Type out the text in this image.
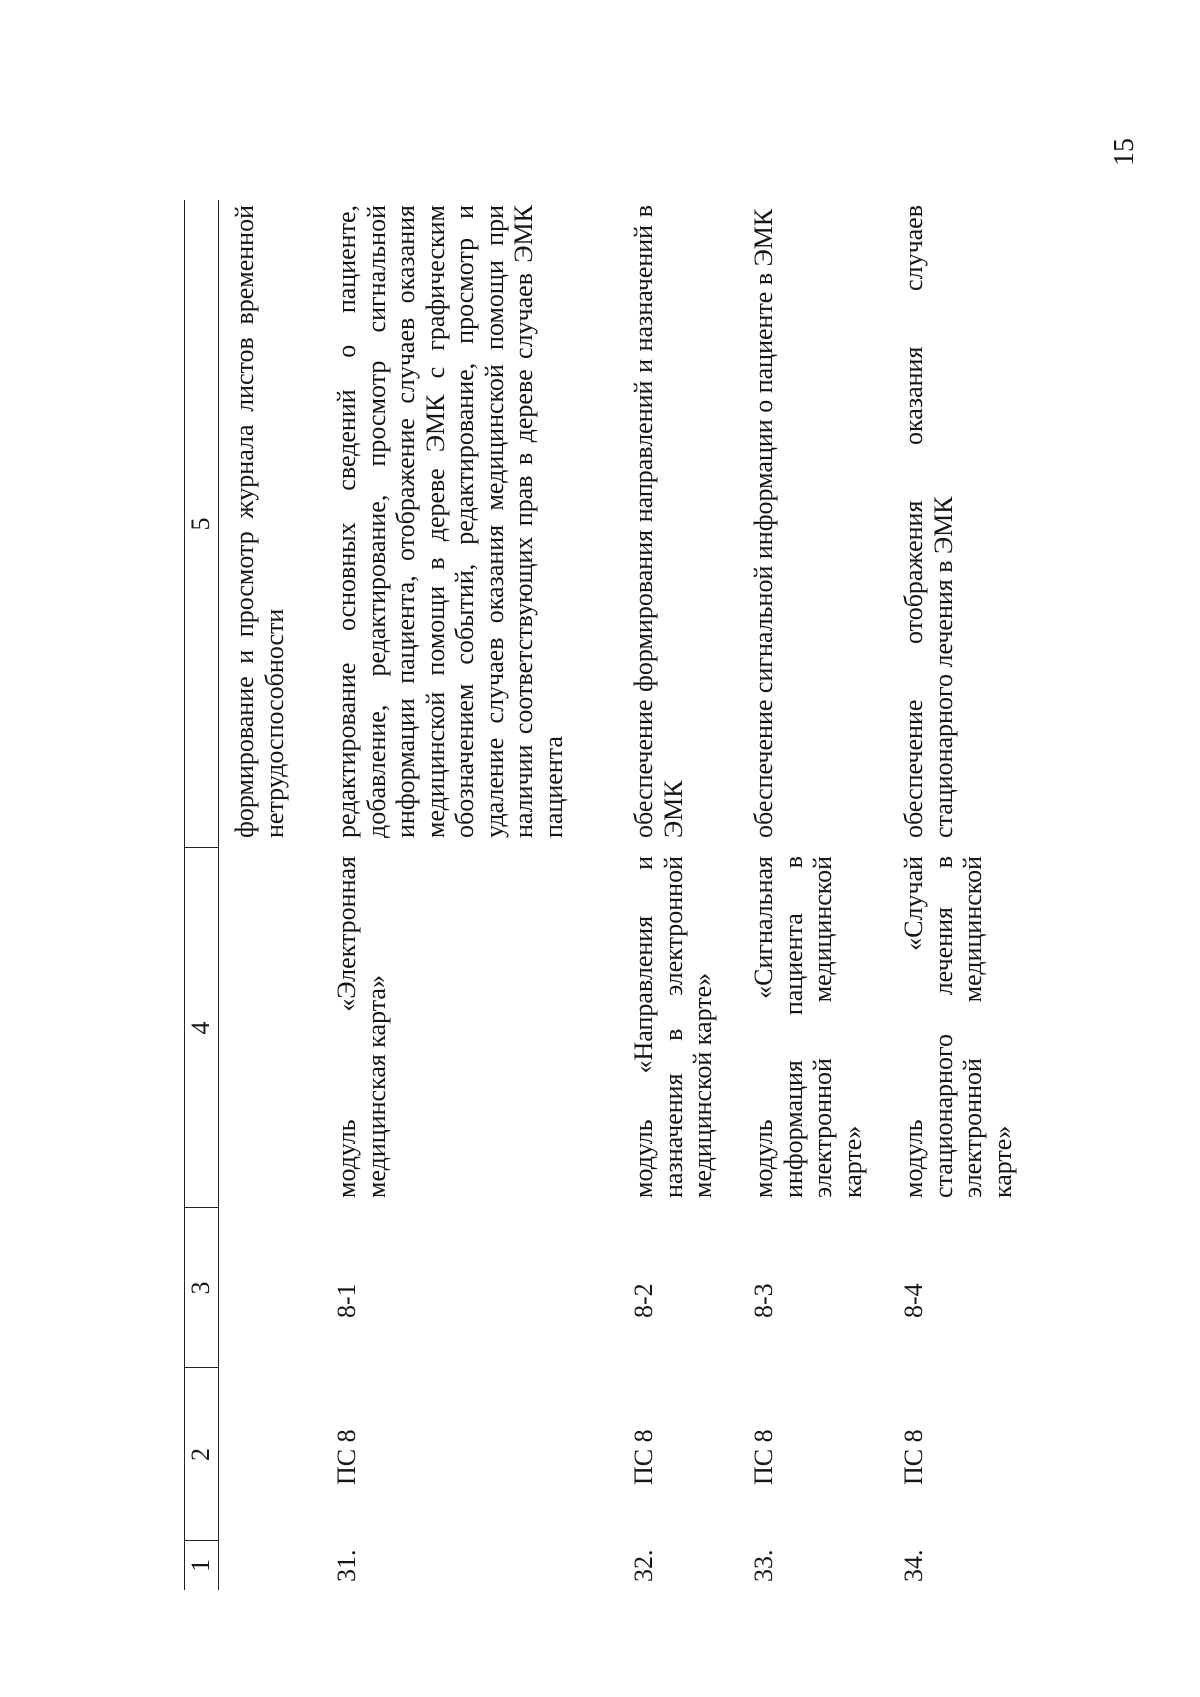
15
1
2
3
4
5 формирование и просмотр журнала листов временной нетрудоспособности
31.
ПС 8
8-1
модуль «Электронная медицинская карта»
редактирование основных сведений о пациенте, добавление, редактирование, просмотр сигнальной информации пациента, отображение случаев оказания медицинской помощи в дереве ЭМК с графическим обозначением событий, редактирование, просмотр и удаление случаев оказания медицинской помощи при наличии соответствующих прав в дереве случаев ЭМК пациента
32.
ПС 8
8-2
модуль «Направления и назначения в электронной медицинской карте»
обеспечение формирования направлений и назначений в ЭМК
33.
ПС 8
8-3
модуль «Сигнальная информация пациента в электронной медицинской карте»
обеспечение сигнальной информации о пациенте в ЭМК
34.
ПС 8
8-4
модуль «Случай стационарного лечения в электронной медицинской карте»
обеспечение отображения оказания случаев стационарного лечения в ЭМК
